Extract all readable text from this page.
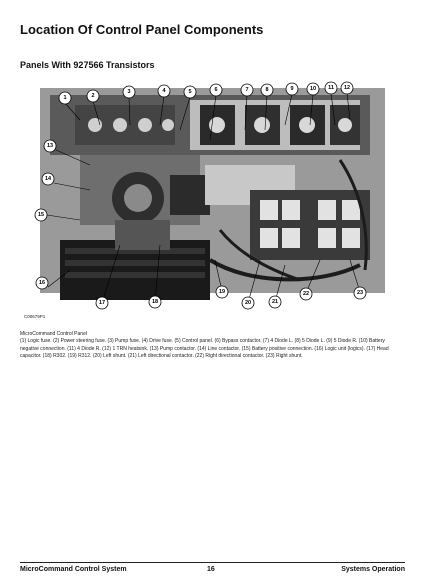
Location Of Control Panel Components
Panels With 927566 Transistors
1	2
3	4	5	6	7	8	9	10 11 12
13
14
15
16
17	18
19
20	21
22	23
C00679P1
MicroCommand Control Panel
(1) Logic fuse. (2) Power steering fuse. (3) Pump fuse. (4) Drive fuse. (5) Control panel. (6) Bypass contactor. (7) 4 Diode L. (8) 5 Diode L. (9) 5 Diode R. (10) Battery negative connection. (11) 4 Diode R. (12) 1 TRN heatsink. (13) Pump contactor. (14) Line contactor. (15) Battery positive connection. (16) Logic unit (logics). (17) Head capacitor. (18) R302. (19) R312. (20) Left shunt. (21) Left directional contactor. (22) Right directional contactor. (23) Right shunt.
MicroCommand Control System	16	Systems Operation
